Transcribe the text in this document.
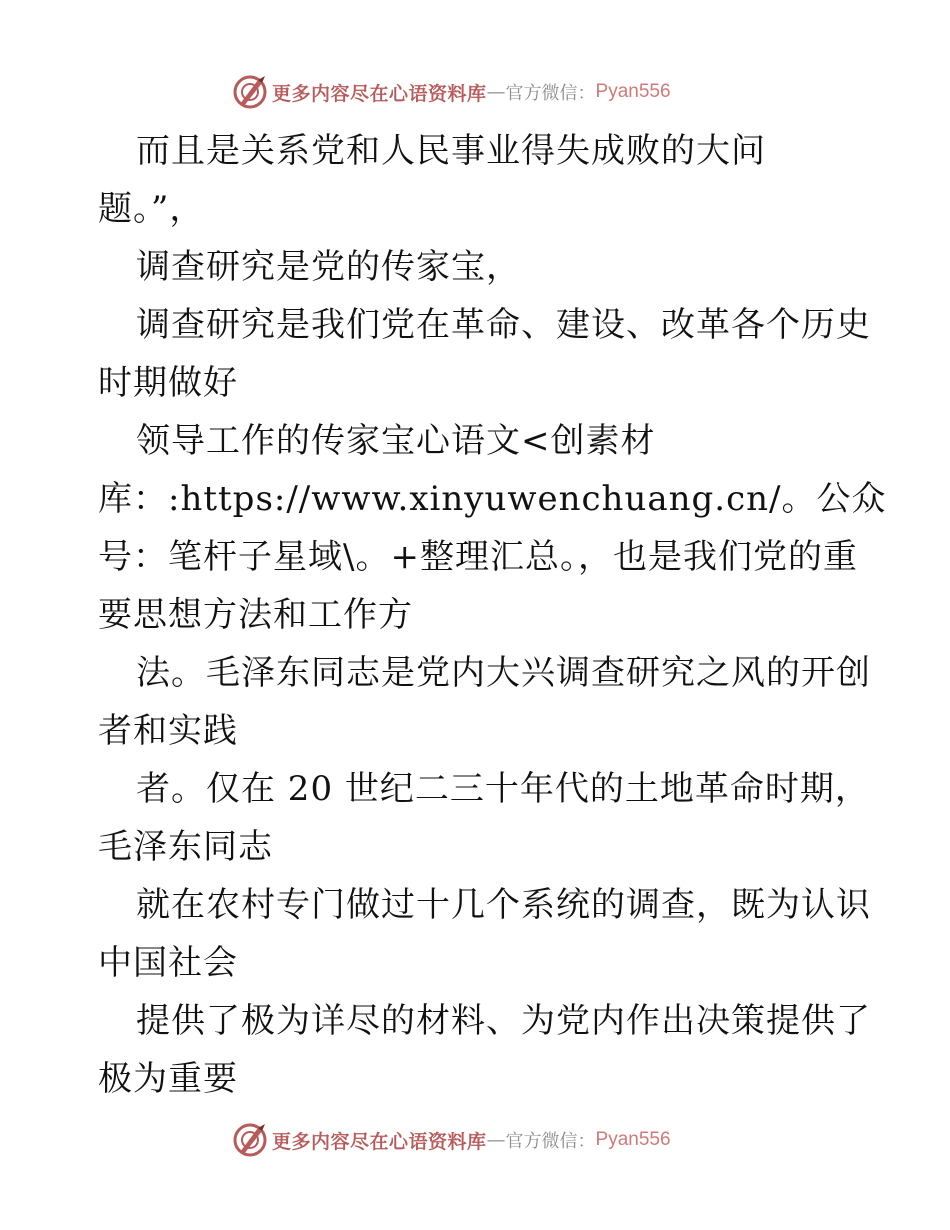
更多内容尽在心语资料库 — 官方微信： Pyan556
而且是关系党和人民事业得失成败的大问
题。”，
调查研究是党的传家宝，
调查研究是我们党在革命、建设、改革各个历史
时期做好
领导工作的传家宝心语文<创素材
库：:https://www.xinyuwenchuang.cn/。公众
号：笔杆子星域\。+整理汇总。，也是我们党的重
要思想方法和工作方
法。毛泽东同志是党内大兴调查研究之风的开创
者和实践
者。仅在 20 世纪二三十年代的土地革命时期，
毛泽东同志
就在农村专门做过十几个系统的调查，既为认识
中国社会
提供了极为详尽的材料、为党内作出决策提供了
极为重要
更多内容尽在心语资料库 — 官方微信： Pyan556
